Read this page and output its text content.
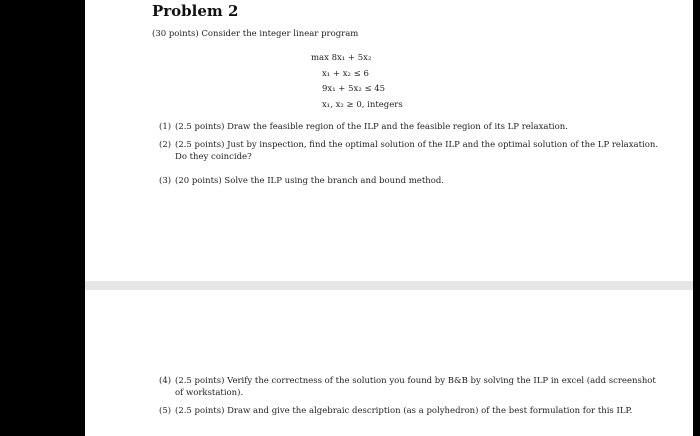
Problem 2
(30 points) Consider the integer linear program
max 8x₁ + 5x₂
x₁ + x₂ ≤ 6
9x₁ + 5x₂ ≤ 45
x₁, x₂ ≥ 0, integers
(1) (2.5 points) Draw the feasible region of the ILP and the feasible region of its LP relaxation.
(2) (2.5 points) Just by inspection, find the optimal solution of the ILP and the optimal solution of the LP relaxation. Do they coincide?
(3) (20 points) Solve the ILP using the branch and bound method.
(4) (2.5 points) Verify the correctness of the solution you found by B&B by solving the ILP in excel (add screenshot of workstation).
(5) (2.5 points) Draw and give the algebraic description (as a polyhedron) of the best formulation for this ILP.
